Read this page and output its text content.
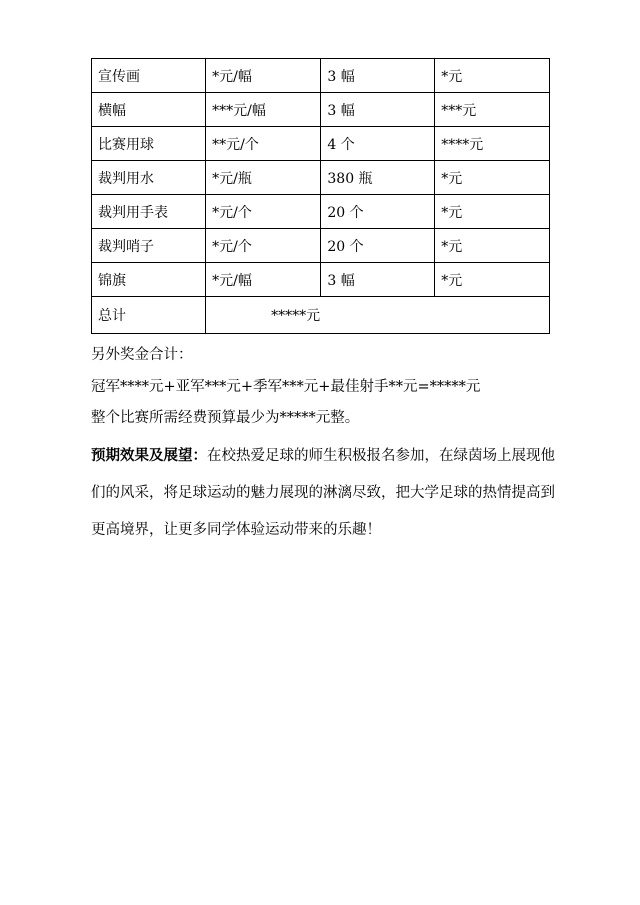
宣传画	*元/幅	3 幅	*元
横幅	***元/幅	3 幅	***元
比赛用球	**元/个	4 个	****元
裁判用水	*元/瓶	380 瓶	*元
裁判用手表	*元/个	20 个	*元
裁判哨子	*元/个	20 个	*元
锦旗	*元/幅	3 幅	*元
总计	*****元		
另外奖金合计：
冠军****元+亚军***元+季军***元+最佳射手**元=*****元
整个比赛所需经费预算最少为*****元整。
预期效果及展望：在校热爱足球的师生积极报名参加，在绿茵场上展现他们的风采，将足球运动的魅力展现的淋漓尽致，把大学足球的热情提高到更高境界，让更多同学体验运动带来的乐趣！
